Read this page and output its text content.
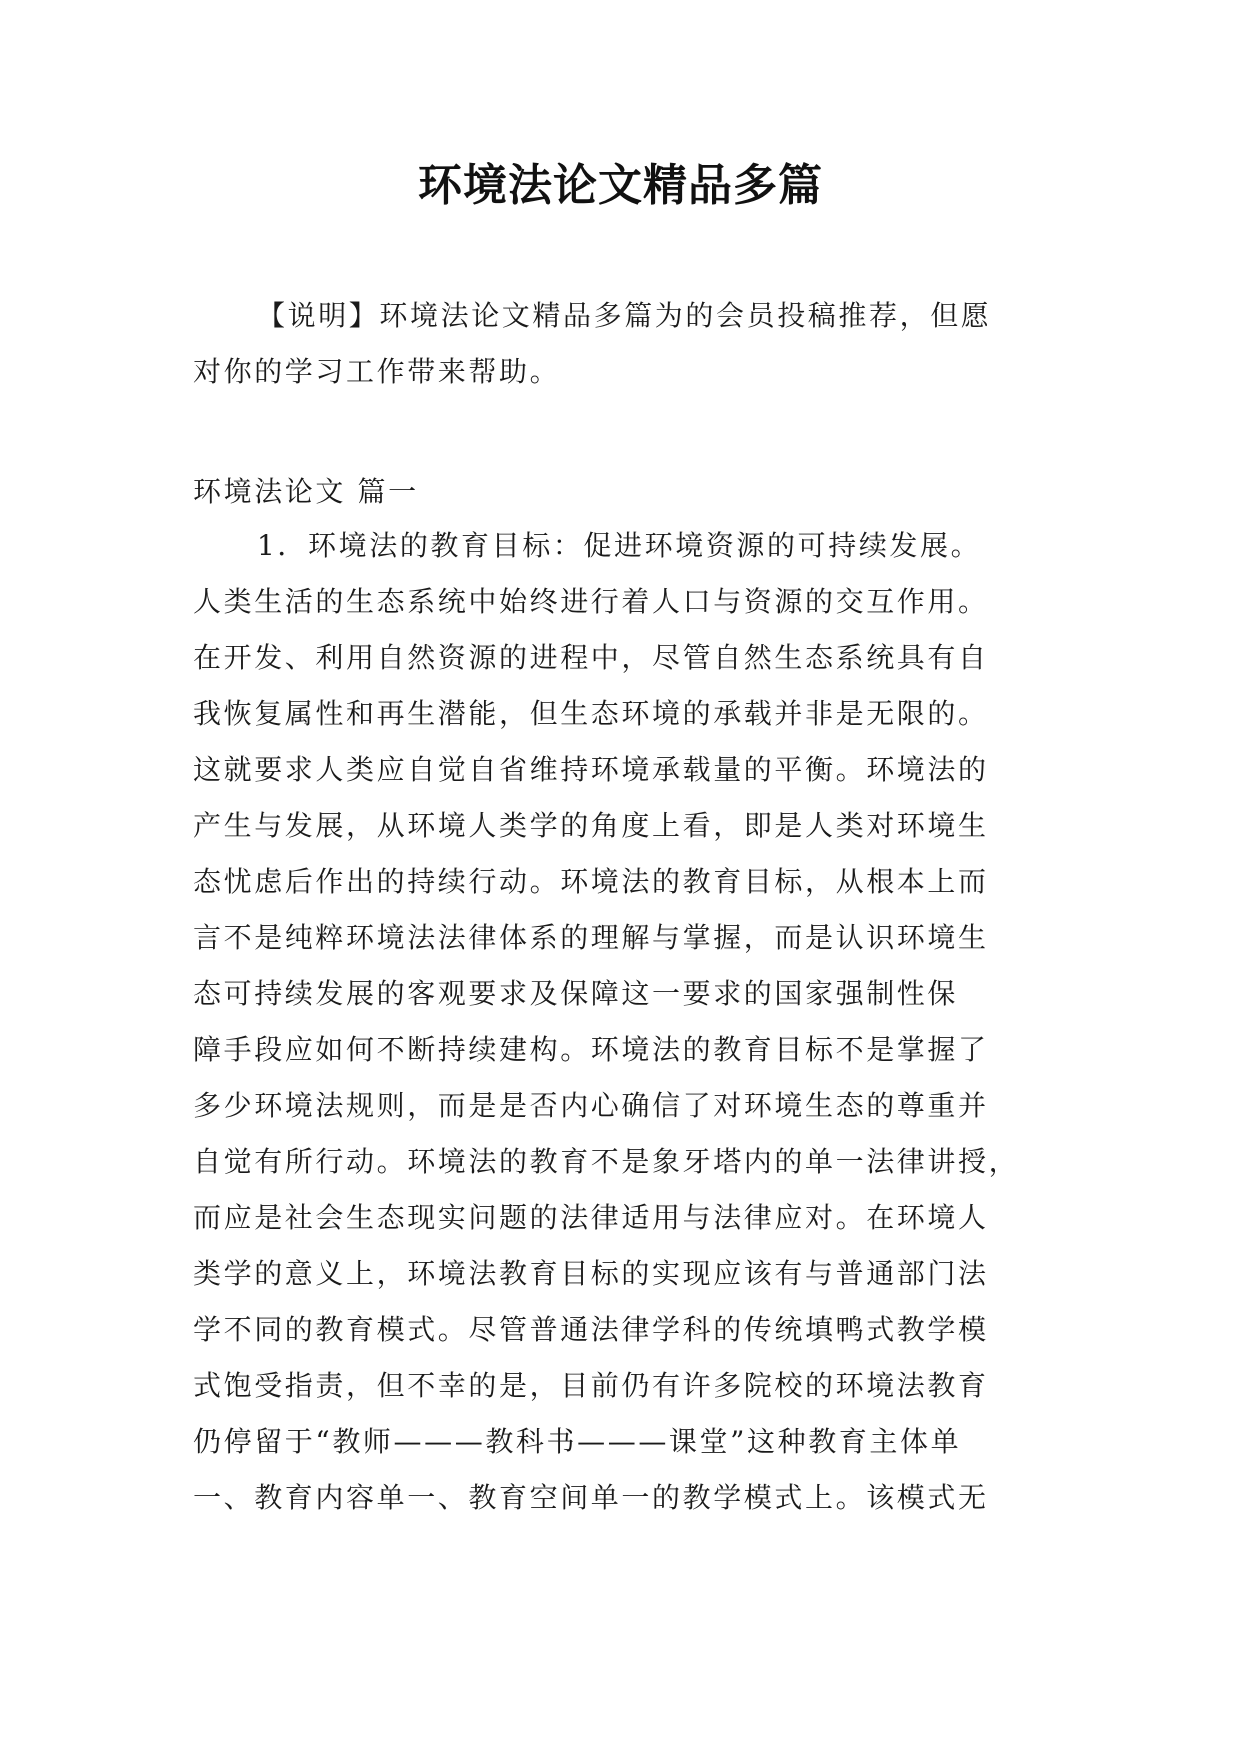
环境法论文精品多篇
【说明】环境法论文精品多篇为的会员投稿推荐，但愿
对你的学习工作带来帮助。
环境法论文 篇一
1．环境法的教育目标：促进环境资源的可持续发展。
人类生活的生态系统中始终进行着人口与资源的交互作用。
在开发、利用自然资源的进程中，尽管自然生态系统具有自
我恢复属性和再生潜能，但生态环境的承载并非是无限的。
这就要求人类应自觉自省维持环境承载量的平衡。环境法的
产生与发展，从环境人类学的角度上看，即是人类对环境生
态忧虑后作出的持续行动。环境法的教育目标，从根本上而
言不是纯粹环境法法律体系的理解与掌握，而是认识环境生
态可持续发展的客观要求及保障这一要求的国家强制性保
障手段应如何不断持续建构。环境法的教育目标不是掌握了
多少环境法规则，而是是否内心确信了对环境生态的尊重并
自觉有所行动。环境法的教育不是象牙塔内的单一法律讲授，
而应是社会生态现实问题的法律适用与法律应对。在环境人
类学的意义上，环境法教育目标的实现应该有与普通部门法
学不同的教育模式。尽管普通法律学科的传统填鸭式教学模
式饱受指责，但不幸的是，目前仍有许多院校的环境法教育
仍停留于“教师———教科书———课堂”这种教育主体单
一、教育内容单一、教育空间单一的教学模式上。该模式无
